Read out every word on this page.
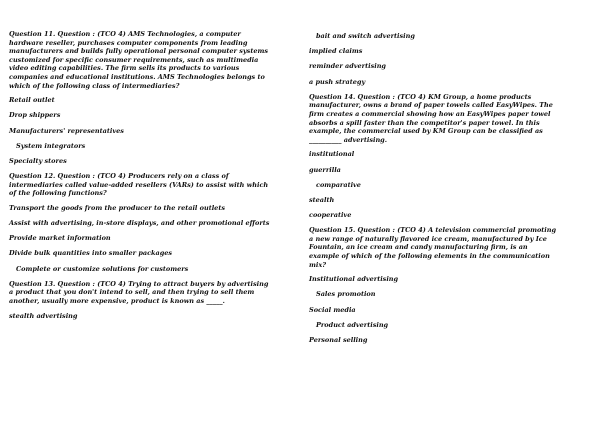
Question 11. Question : (TCO 4) AMS Technologies, a computer hardware reseller, purchases computer components from leading manufacturers and builds fully operational personal computer systems customized for specific consumer requirements, such as multimedia video editing capabilities. The firm sells its products to various companies and educational institutions. AMS Technologies belongs to which of the following class of intermediaries?
Retail outlet
Drop shippers
Manufacturers' representatives
System integrators
Specialty stores
Question 12. Question : (TCO 4) Producers rely on a class of intermediaries called value-added resellers (VARs) to assist with which of the following functions?
Transport the goods from the producer to the retail outlets
Assist with advertising, in-store displays, and other promotional efforts
Provide market information
Divide bulk quantities into smaller packages
Complete or customize solutions for customers
Question 13. Question : (TCO 4) Trying to attract buyers by advertising a product that you don't intend to sell, and then trying to sell them another, usually more expensive, product is known as _____.
stealth advertising
bait and switch advertising
implied claims
reminder advertising
a push strategy
Question 14. Question : (TCO 4) KM Group, a home products manufacturer, owns a brand of paper towels called EasyWipes. The firm creates a commercial showing how an EasyWipes paper towel absorbs a spill faster than the competitor's paper towel. In this example, the commercial used by KM Group can be classified as __________ advertising.
institutional
guerrilla
comparative
stealth
cooperative
Question 15. Question : (TCO 4) A television commercial promoting a new range of naturally flavored ice cream, manufactured by Ice Fountain, an ice cream and candy manufacturing firm, is an example of which of the following elements in the communication mix?
Institutional advertising
Sales promotion
Social media
Product advertising
Personal selling
